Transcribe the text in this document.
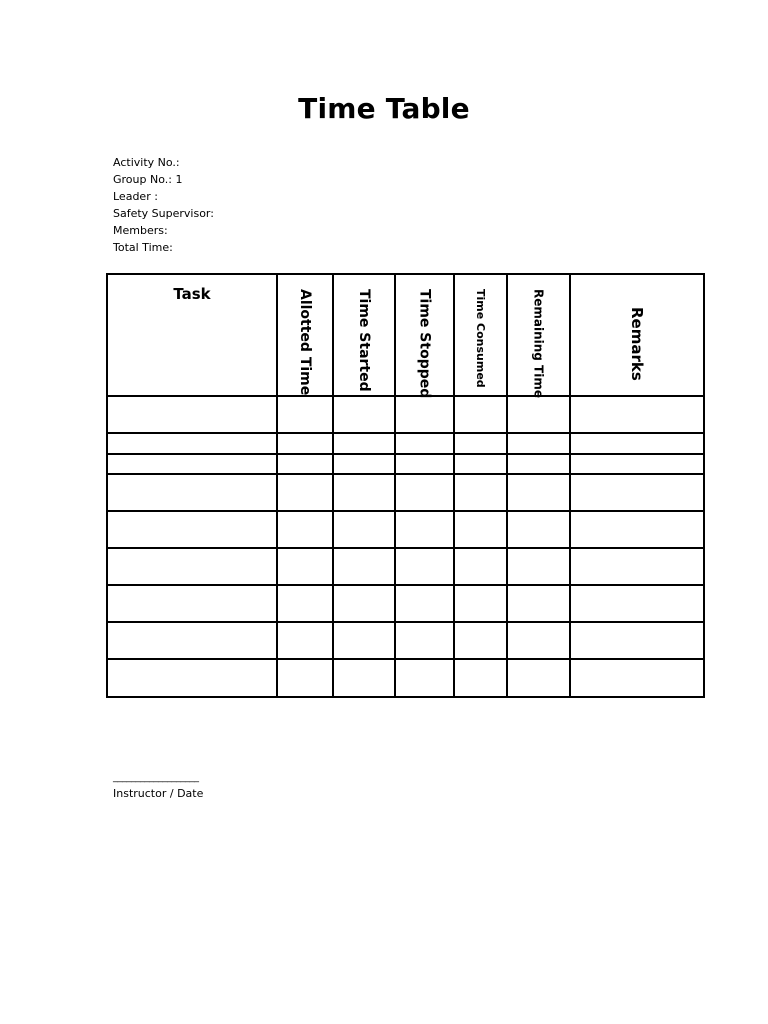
Time Table
Activity No.:
Group No.: 1
Leader :
Safety Supervisor:
Members:
Total Time:
Task	Allotted Time	Time Started	Time Stopped	Time Consumed	Remaining Time	Remarks

___________________
Instructor / Date
